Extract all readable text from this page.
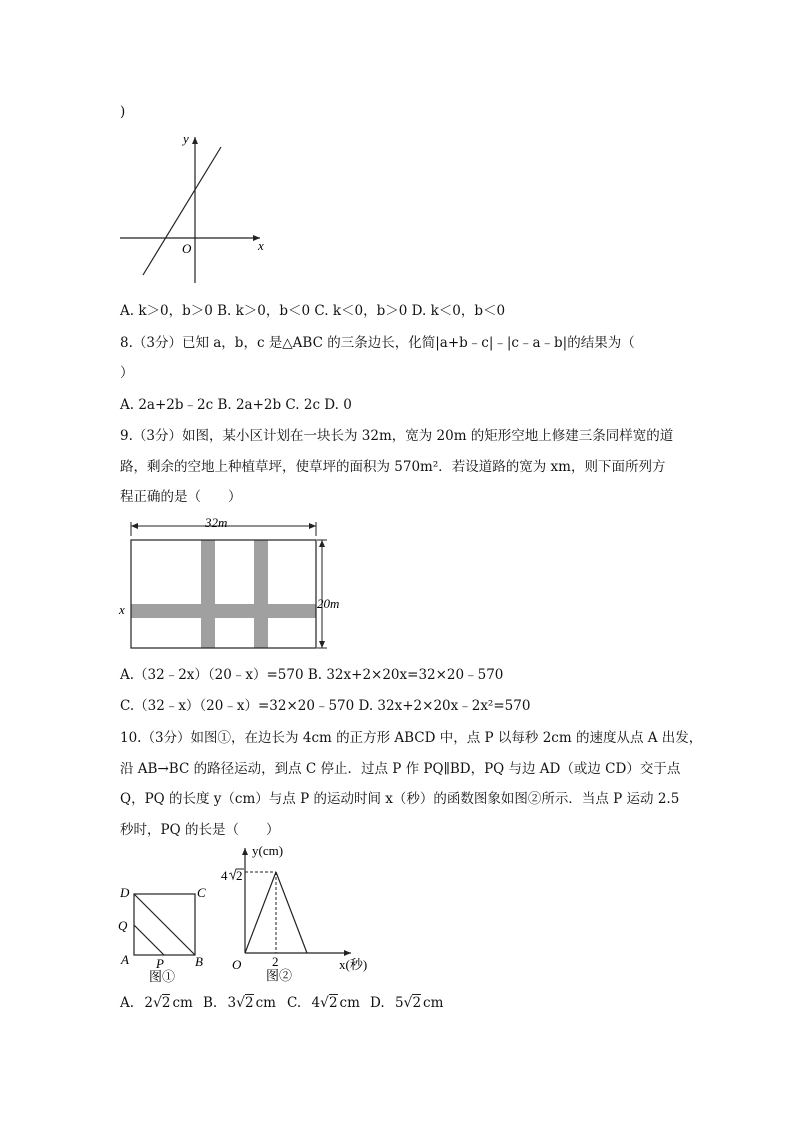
)
y
x
O
A. k＞0，b＞0 B. k＞0，b＜0 C. k＜0，b＞0 D. k＜0，b＜0
8.（3分）已知 a，b，c 是△ABC 的三条边长，化简|a+b﹣c|﹣|c﹣a﹣b|的结果为（
）
A. 2a+2b﹣2c B. 2a+2b C. 2c D. 0
9.（3分）如图，某小区计划在一块长为 32m，宽为 20m 的矩形空地上修建三条同样宽的道
路，剩余的空地上种植草坪，使草坪的面积为 570m²．若设道路的宽为 xm，则下面所列方
程正确的是（　　）
32m
20m
x
A.（32﹣2x）（20﹣x）=570 B. 32x+2×20x=32×20﹣570
C.（32﹣x）（20﹣x）=32×20﹣570 D. 32x+2×20x﹣2x²=570
10.（3分）如图①，在边长为 4cm 的正方形 ABCD 中，点 P 以每秒 2cm 的速度从点 A 出发，
沿 AB→BC 的路径运动，到点 C 停止．过点 P 作 PQ∥BD，PQ 与边 AD（或边 CD）交于点
Q，PQ 的长度 y（cm）与点 P 的运动时间 x（秒）的函数图象如图②所示．当点 P 运动 2.5
秒时，PQ 的长是（　　）
D	C
Q
A P B
图①
y(cm)
4 2
2
O
图②
x(秒)
A. 2√2 cm B. 3√2 cm C. 4√2 cm D. 5√2 cm
